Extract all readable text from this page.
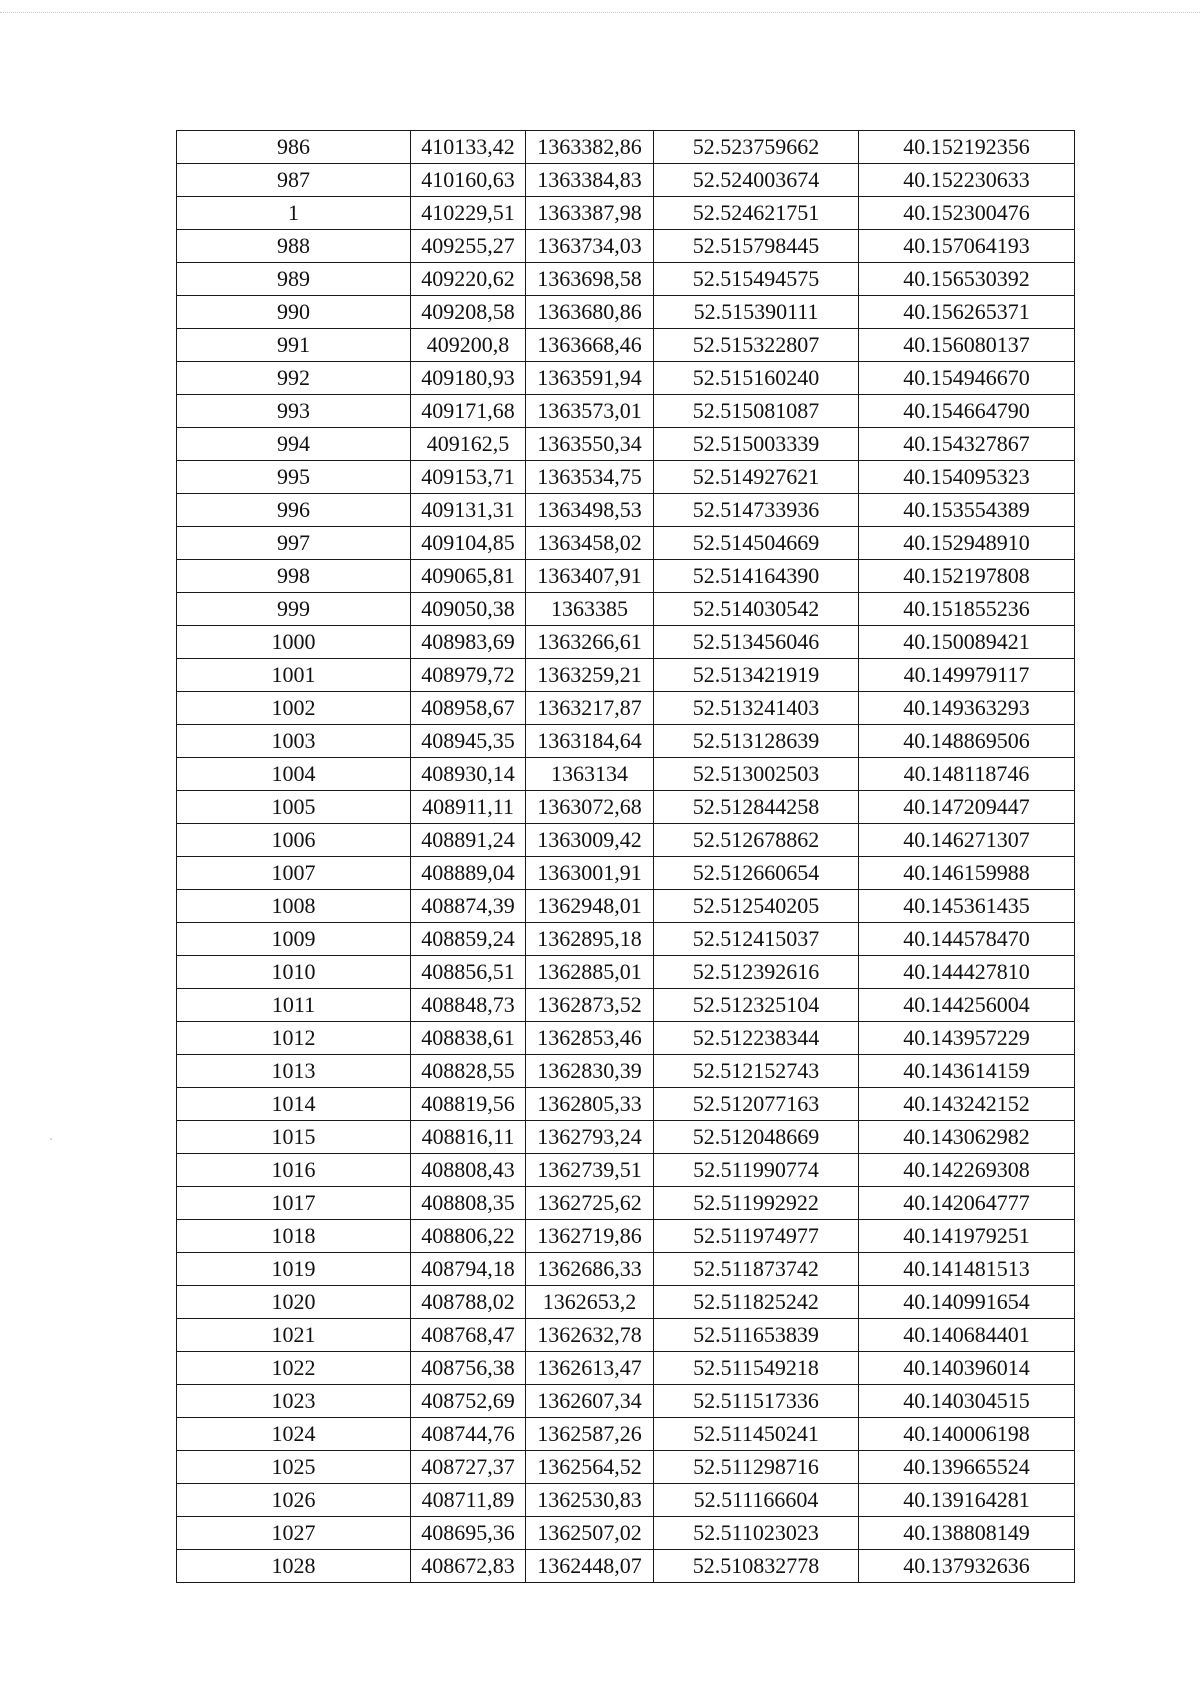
986	410133,42	1363382,86	52.523759662	40.152192356
987	410160,63	1363384,83	52.524003674	40.152230633
1	410229,51	1363387,98	52.524621751	40.152300476
988	409255,27	1363734,03	52.515798445	40.157064193
989	409220,62	1363698,58	52.515494575	40.156530392
990	409208,58	1363680,86	52.515390111	40.156265371
991	409200,8	1363668,46	52.515322807	40.156080137
992	409180,93	1363591,94	52.515160240	40.154946670
993	409171,68	1363573,01	52.515081087	40.154664790
994	409162,5	1363550,34	52.515003339	40.154327867
995	409153,71	1363534,75	52.514927621	40.154095323
996	409131,31	1363498,53	52.514733936	40.153554389
997	409104,85	1363458,02	52.514504669	40.152948910
998	409065,81	1363407,91	52.514164390	40.152197808
999	409050,38	1363385	52.514030542	40.151855236
1000	408983,69	1363266,61	52.513456046	40.150089421
1001	408979,72	1363259,21	52.513421919	40.149979117
1002	408958,67	1363217,87	52.513241403	40.149363293
1003	408945,35	1363184,64	52.513128639	40.148869506
1004	408930,14	1363134	52.513002503	40.148118746
1005	408911,11	1363072,68	52.512844258	40.147209447
1006	408891,24	1363009,42	52.512678862	40.146271307
1007	408889,04	1363001,91	52.512660654	40.146159988
1008	408874,39	1362948,01	52.512540205	40.145361435
1009	408859,24	1362895,18	52.512415037	40.144578470
1010	408856,51	1362885,01	52.512392616	40.144427810
1011	408848,73	1362873,52	52.512325104	40.144256004
1012	408838,61	1362853,46	52.512238344	40.143957229
1013	408828,55	1362830,39	52.512152743	40.143614159
1014	408819,56	1362805,33	52.512077163	40.143242152
1015	408816,11	1362793,24	52.512048669	40.143062982
1016	408808,43	1362739,51	52.511990774	40.142269308
1017	408808,35	1362725,62	52.511992922	40.142064777
1018	408806,22	1362719,86	52.511974977	40.141979251
1019	408794,18	1362686,33	52.511873742	40.141481513
1020	408788,02	1362653,2	52.511825242	40.140991654
1021	408768,47	1362632,78	52.511653839	40.140684401
1022	408756,38	1362613,47	52.511549218	40.140396014
1023	408752,69	1362607,34	52.511517336	40.140304515
1024	408744,76	1362587,26	52.511450241	40.140006198
1025	408727,37	1362564,52	52.511298716	40.139665524
1026	408711,89	1362530,83	52.511166604	40.139164281
1027	408695,36	1362507,02	52.511023023	40.138808149
1028	408672,83	1362448,07	52.510832778	40.137932636
